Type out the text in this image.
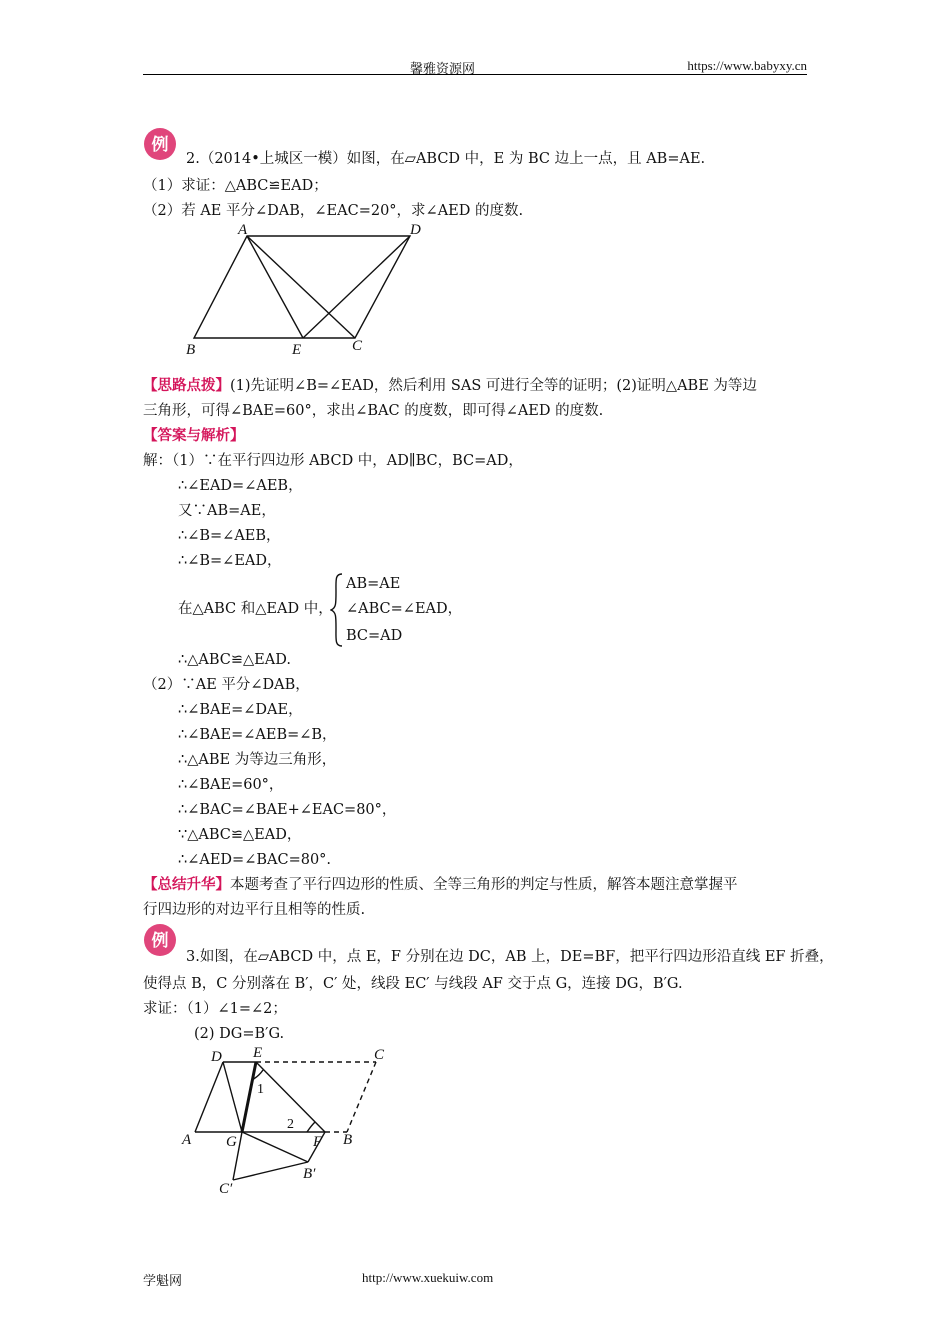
馨雅资源网	https://www.babyxy.cn
例
2.（2014•上城区一模）如图，在▱ABCD 中，E 为 BC 边上一点，且 AB=AE.
（1）求证：△ABC≌EAD；
（2）若 AE 平分∠DAB，∠EAC=20°，求∠AED 的度数.
A	D
B	E	C
【思路点拨】(1)先证明∠B=∠EAD，然后利用 SAS 可进行全等的证明；(2)证明△ABE 为等边
三角形，可得∠BAE=60°，求出∠BAC 的度数，即可得∠AED 的度数.
【答案与解析】
解：（1）∵在平行四边形 ABCD 中，AD∥BC，BC=AD，
∴∠EAD=∠AEB，
又∵AB=AE，
∴∠B=∠AEB，
∴∠B=∠EAD，
在△ABC 和△EAD 中，
AB=AE
∠ABC=∠EAD，
BC=AD
∴△ABC≌△EAD.
（2）∵AE 平分∠DAB，
∴∠BAE=∠DAE，
∴∠BAE=∠AEB=∠B，
∴△ABE 为等边三角形，
∴∠BAE=60°，
∴∠BAC=∠BAE+∠EAC=80°，
∵△ABC≌△EAD，
∴∠AED=∠BAC=80°.
【总结升华】本题考查了平行四边形的性质、全等三角形的判定与性质，解答本题注意掌握平
行四边形的对边平行且相等的性质.
例
3.如图，在▱ABCD 中，点 E，F 分别在边 DC，AB 上，DE=BF，把平行四边形沿直线 EF 折叠，
使得点 B，C 分别落在 B′，C′ 处，线段 EC′ 与线段 AF 交于点 G，连接 DG，B′G.
求证：（1）∠1=∠2；
(2) DG=B′G.
D E	C
A G	F B
B′
C′
1
2
学魁网	http://www.xuekuiw.com
